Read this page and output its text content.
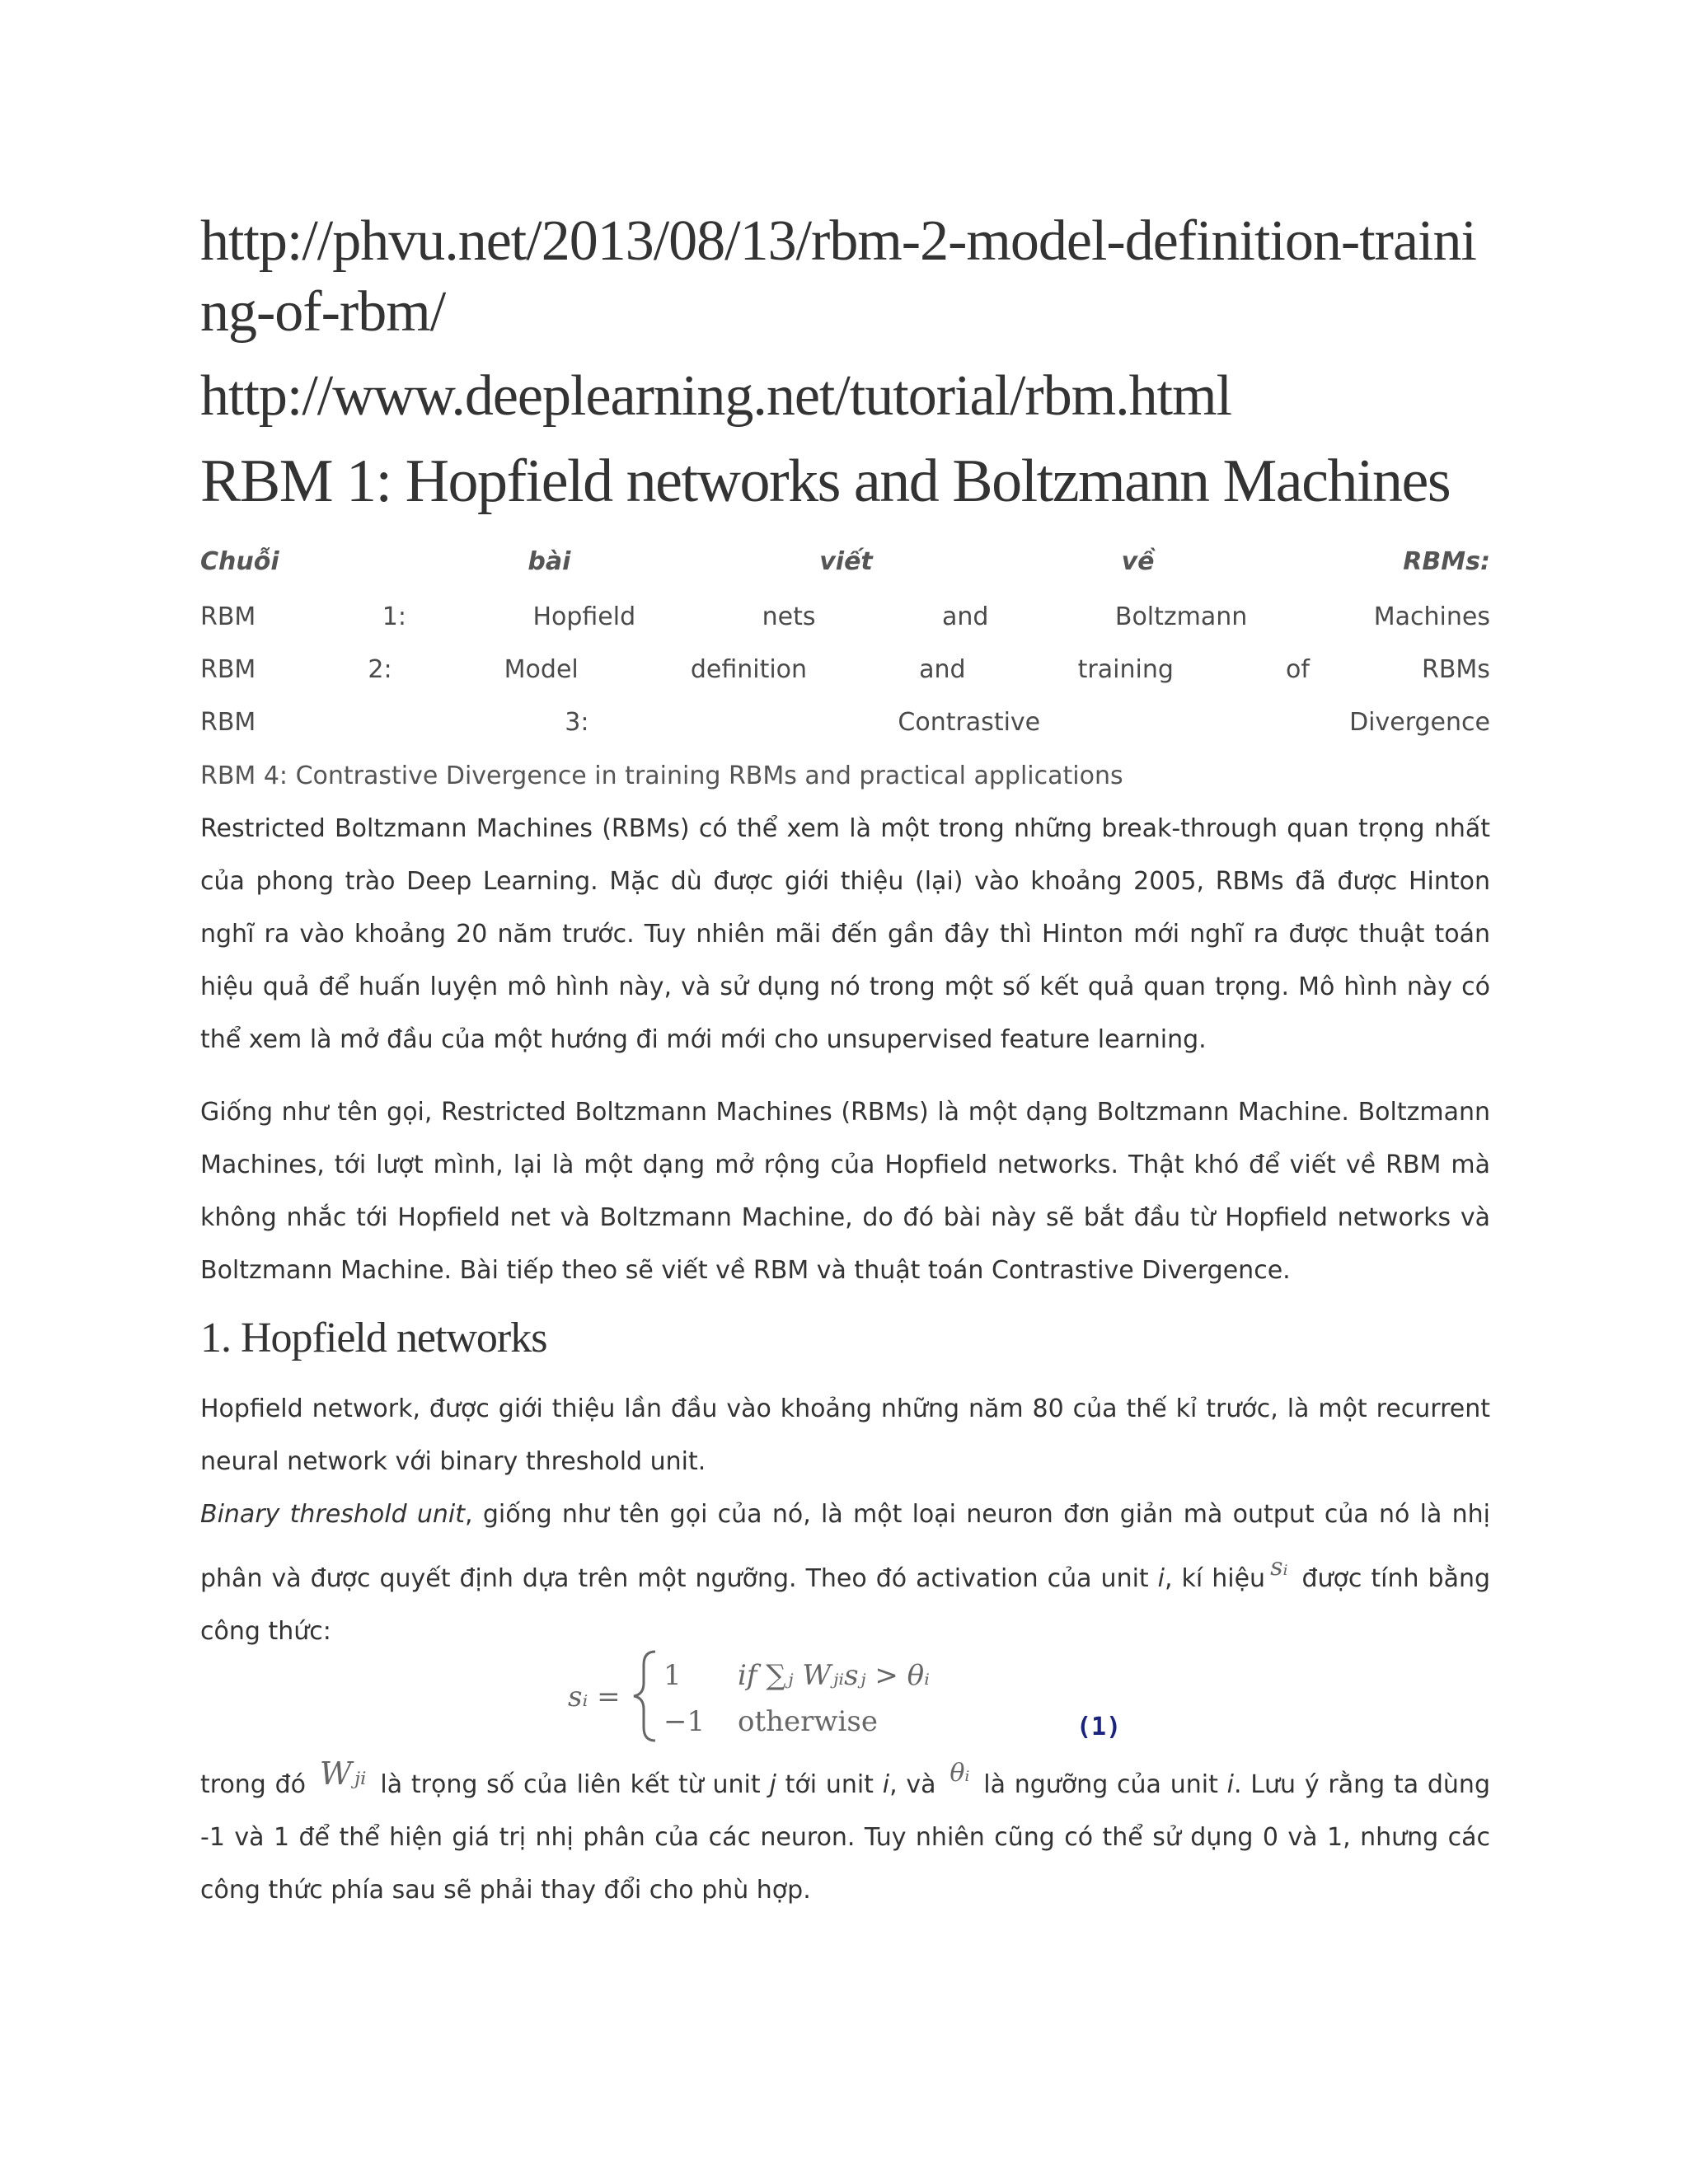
http://phvu.net/2013/08/13/rbm-2-model-definition-training-of-rbm/
http://www.deeplearning.net/tutorial/rbm.html
RBM 1: Hopfield networks and Boltzmann Machines
Chuỗi	bài	viết	về	RBMs:
RBM	1:	Hopfield	nets	and	Boltzmann	Machines
RBM	2:	Model	definition	and	training	of	RBMs
RBM	3:	Contrastive	Divergence
RBM 4: Contrastive Divergence in training RBMs and practical applications

Restricted Boltzmann Machines (RBMs) có thể xem là một trong những break-through quan trọng nhất của phong trào Deep Learning. Mặc dù được giới thiệu (lại) vào khoảng 2005, RBMs đã được Hinton nghĩ ra vào khoảng 20 năm trước. Tuy nhiên mãi đến gần đây thì Hinton mới nghĩ ra được thuật toán hiệu quả để huấn luyện mô hình này, và sử dụng nó trong một số kết quả quan trọng. Mô hình này có thể xem là mở đầu của một hướng đi mới mới cho unsupervised feature learning.

Giống như tên gọi, Restricted Boltzmann Machines (RBMs) là một dạng Boltzmann Machine. Boltzmann Machines, tới lượt mình, lại là một dạng mở rộng của Hopfield networks. Thật khó để viết về RBM mà không nhắc tới Hopfield net và Boltzmann Machine, do đó bài này sẽ bắt đầu từ Hopfield networks và Boltzmann Machine. Bài tiếp theo sẽ viết về RBM và thuật toán Contrastive Divergence.

1. Hopfield networks

Hopfield network, được giới thiệu lần đầu vào khoảng những năm 80 của thế kỉ trước, là một recurrent neural network với binary threshold unit.

Binary threshold unit, giống như tên gọi của nó, là một loại neuron đơn giản mà output của nó là nhị phân và được quyết định dựa trên một ngưỡng. Theo đó activation của unit i, kí hiệu sᵢ được tính bằng công thức:

sᵢ =
1 if ∑ⱼ Wⱼᵢsⱼ > θᵢ
−1 otherwise	(1)

trong đó Wⱼᵢ là trọng số của liên kết từ unit j tới unit i, và θᵢ là ngưỡng của unit i. Lưu ý rằng ta dùng -1 và 1 để thể hiện giá trị nhị phân của các neuron. Tuy nhiên cũng có thể sử dụng 0 và 1, nhưng các công thức phía sau sẽ phải thay đổi cho phù hợp.
